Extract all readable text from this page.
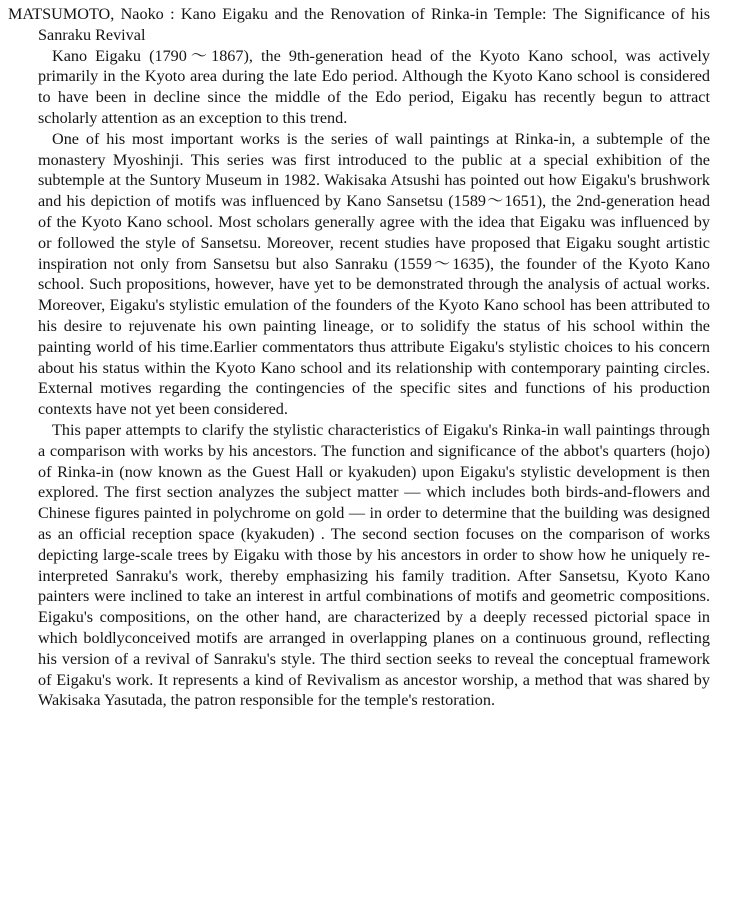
MATSUMOTO, Naoko : Kano Eigaku and the Renovation of Rinka-in Temple: The Significance of his Sanraku Revival

Kano Eigaku (1790〜1867), the 9th-generation head of the Kyoto Kano school, was actively primarily in the Kyoto area during the late Edo period. Although the Kyoto Kano school is considered to have been in decline since the middle of the Edo period, Eigaku has recently begun to attract scholarly attention as an exception to this trend.

One of his most important works is the series of wall paintings at Rinka-in, a subtemple of the monastery Myoshinji. This series was first introduced to the public at a special exhibition of the subtemple at the Suntory Museum in 1982. Wakisaka Atsushi has pointed out how Eigaku's brushwork and his depiction of motifs was influenced by Kano Sansetsu (1589〜1651), the 2nd-generation head of the Kyoto Kano school. Most scholars generally agree with the idea that Eigaku was influenced by or followed the style of Sansetsu. Moreover, recent studies have proposed that Eigaku sought artistic inspiration not only from Sansetsu but also Sanraku (1559〜1635), the founder of the Kyoto Kano school. Such propositions, however, have yet to be demonstrated through the analysis of actual works. Moreover, Eigaku's stylistic emulation of the founders of the Kyoto Kano school has been attributed to his desire to rejuvenate his own painting lineage, or to solidify the status of his school within the painting world of his time.Earlier commentators thus attribute Eigaku's stylistic choices to his concern about his status within the Kyoto Kano school and its relationship with contemporary painting circles. External motives regarding the contingencies of the specific sites and functions of his production contexts have not yet been considered.

This paper attempts to clarify the stylistic characteristics of Eigaku's Rinka-in wall paintings through a comparison with works by his ancestors. The function and significance of the abbot's quarters (hojo) of Rinka-in (now known as the Guest Hall or kyakuden) upon Eigaku's stylistic development is then explored. The first section analyzes the subject matter — which includes both birds-and-flowers and Chinese figures painted in polychrome on gold — in order to determine that the building was designed as an official reception space (kyakuden) . The second section focuses on the comparison of works depicting large-scale trees by Eigaku with those by his ancestors in order to show how he uniquely re-interpreted Sanraku's work, thereby emphasizing his family tradition. After Sansetsu, Kyoto Kano painters were inclined to take an interest in artful combinations of motifs and geometric compositions. Eigaku's compositions, on the other hand, are characterized by a deeply recessed pictorial space in which boldlyconceived motifs are arranged in overlapping planes on a continuous ground, reflecting his version of a revival of Sanraku's style. The third section seeks to reveal the conceptual framework of Eigaku's work. It represents a kind of Revivalism as ancestor worship, a method that was shared by Wakisaka Yasutada, the patron responsible for the temple's restoration.
